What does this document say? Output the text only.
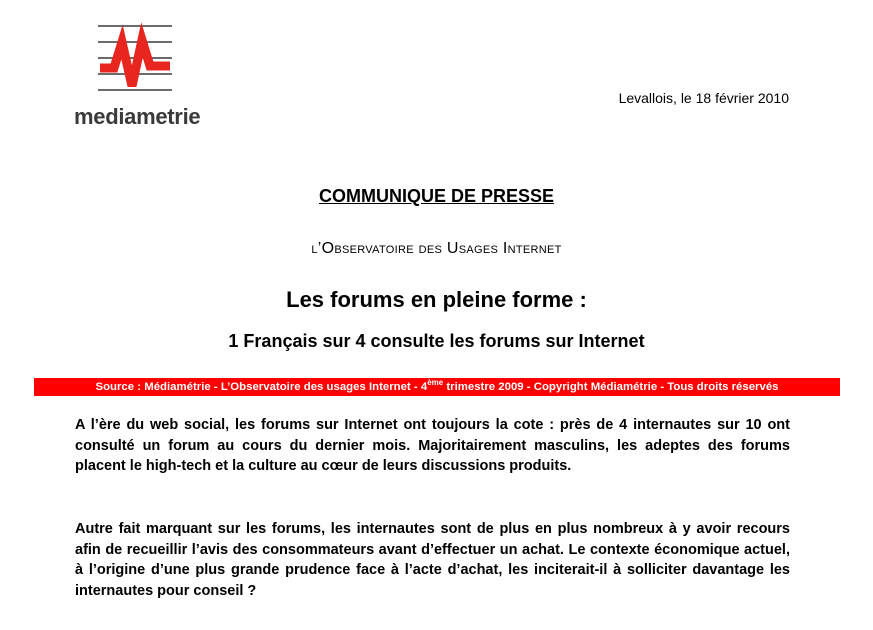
mediametrie
Levallois, le 18 février 2010
COMMUNIQUE DE PRESSE
l’Observatoire des Usages Internet
Les forums en pleine forme :
1 Français sur 4 consulte les forums sur Internet
Source : Médiamétrie - L’Observatoire des usages Internet - 4ème trimestre 2009 - Copyright Médiamétrie - Tous droits réservés

A l’ère du web social, les forums sur Internet ont toujours la cote : près de 4 internautes sur 10 ont consulté un forum au cours du dernier mois. Majoritairement masculins, les adeptes des forums placent le high-tech et la culture au cœur de leurs discussions produits.

Autre fait marquant sur les forums, les internautes sont de plus en plus nombreux à y avoir recours afin de recueillir l’avis des consommateurs avant d’effectuer un achat. Le contexte économique actuel, à l’origine d’une plus grande prudence face à l’acte d’achat, les inciterait-il à solliciter davantage les internautes pour conseil ?
